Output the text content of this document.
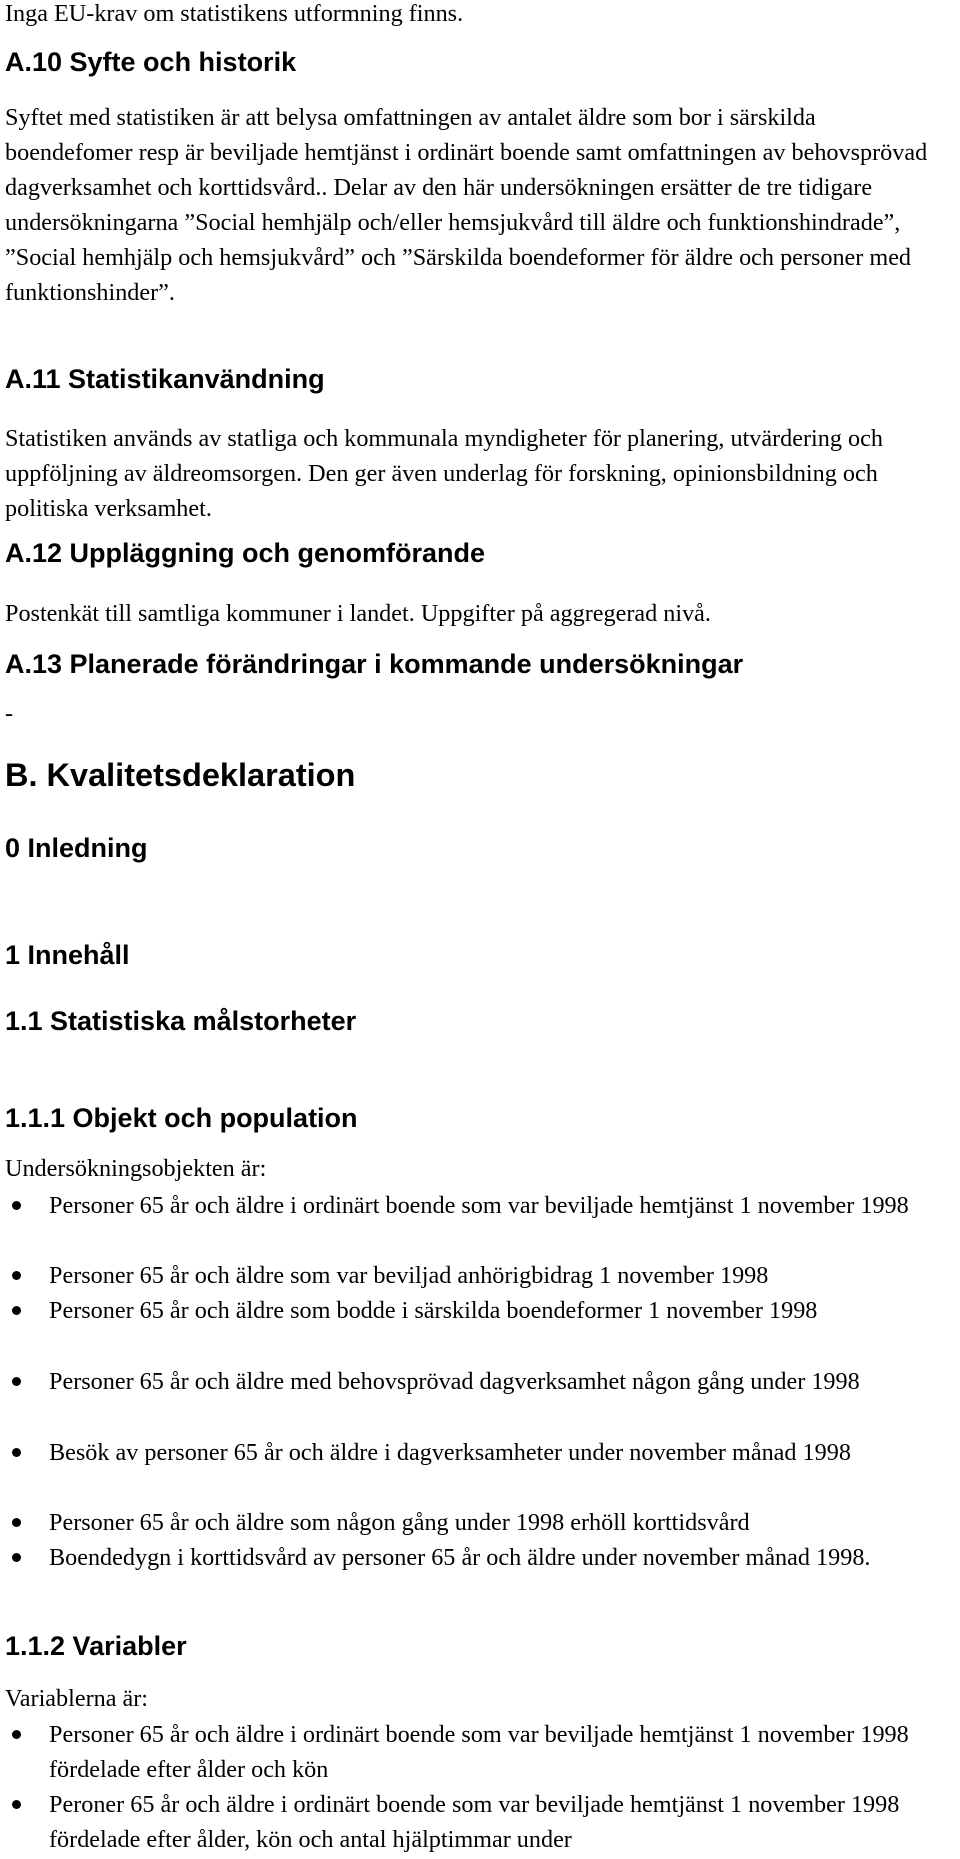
Inga EU-krav om statistikens utformning finns.

A.10 Syfte och historik

Syftet med statistiken är att belysa omfattningen av antalet äldre som bor i särskilda boendefomer resp är beviljade hemtjänst i ordinärt boende samt omfattningen av behovsprövad dagverksamhet och korttidsvård.. Delar av den här undersökningen ersätter de tre tidigare undersökningarna ”Social hemhjälp och/eller hemsjukvård till äldre och funktionshindrade”, ”Social hemhjälp och hemsjukvård” och ”Särskilda boendeformer för äldre och personer med funktionshinder”.

A.11 Statistikanvändning

Statistiken används av statliga och kommunala myndigheter för planering, utvärdering och uppföljning av äldreomsorgen. Den ger även underlag för forskning, opinionsbildning och politiska verksamhet.

A.12 Uppläggning och genomförande

Postenkät till samtliga kommuner i landet. Uppgifter på aggregerad nivå.

A.13 Planerade förändringar i kommande undersökningar

-

B. Kvalitetsdeklaration
0 Inledning
1 Innehåll
1.1 Statistiska målstorheter
1.1.1 Objekt och population

Undersökningsobjekten är:

Personer 65 år och äldre i ordinärt boende som var beviljade hemtjänst 1 november 1998
Personer 65 år och äldre som var beviljad anhörigbidrag 1 november 1998
Personer 65 år och äldre som bodde i särskilda boendeformer 1 november 1998
Personer 65 år och äldre med behovsprövad dagverksamhet någon gång under 1998
Besök av personer 65 år och äldre i dagverksamheter under november månad 1998
Personer 65 år och äldre som någon gång under 1998 erhöll korttidsvård
Boendedygn i korttidsvård av personer 65 år och äldre under november månad 1998.
1.1.2 Variabler

Variablerna är:

Personer 65 år och äldre i ordinärt boende som var beviljade hemtjänst 1 november 1998 fördelade efter ålder och kön
Peroner 65 år och äldre i ordinärt boende som var beviljade hemtjänst 1 november 1998 fördelade efter ålder, kön och antal hjälptimmar under
